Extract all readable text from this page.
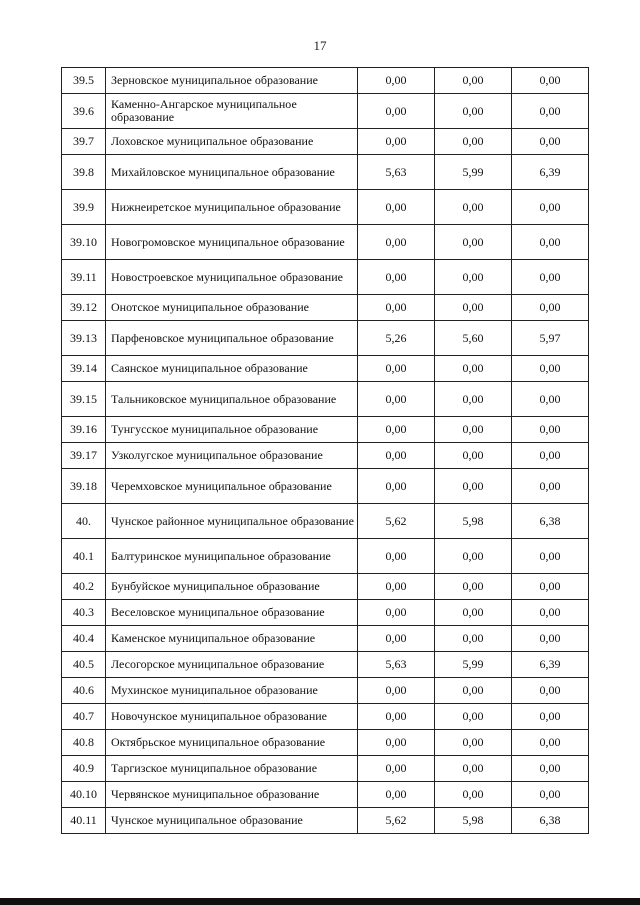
17
39.5	Зерновское муниципальное образование	0,00	0,00	0,00
39.6	Каменно-Ангарское муниципальное образование	0,00	0,00	0,00
39.7	Лоховское муниципальное образование	0,00	0,00	0,00
39.8	Михайловское муниципальное образование	5,63	5,99	6,39
39.9	Нижнеиретское муниципальное образование	0,00	0,00	0,00
39.10	Новогромовское муниципальное образование	0,00	0,00	0,00
39.11	Новостроевское муниципальное образование	0,00	0,00	0,00
39.12	Онотское муниципальное образование	0,00	0,00	0,00
39.13	Парфеновское муниципальное образование	5,26	5,60	5,97
39.14	Саянское муниципальное образование	0,00	0,00	0,00
39.15	Тальниковское муниципальное образование	0,00	0,00	0,00
39.16	Тунгусское муниципальное образование	0,00	0,00	0,00
39.17	Узколугское муниципальное образование	0,00	0,00	0,00
39.18	Черемховское муниципальное образование	0,00	0,00	0,00
40.	Чунское районное муниципальное образование	5,62	5,98	6,38
40.1	Балтуринское муниципальное образование	0,00	0,00	0,00
40.2	Бунбуйское муниципальное образование	0,00	0,00	0,00
40.3	Веселовское муниципальное образование	0,00	0,00	0,00
40.4	Каменское муниципальное образование	0,00	0,00	0,00
40.5	Лесогорское муниципальное образование	5,63	5,99	6,39
40.6	Мухинское муниципальное образование	0,00	0,00	0,00
40.7	Новочунское муниципальное образование	0,00	0,00	0,00
40.8	Октябрьское муниципальное образование	0,00	0,00	0,00
40.9	Таргизское муниципальное образование	0,00	0,00	0,00
40.10	Червянское муниципальное образование	0,00	0,00	0,00
40.11	Чунское муниципальное образование	5,62	5,98	6,38
